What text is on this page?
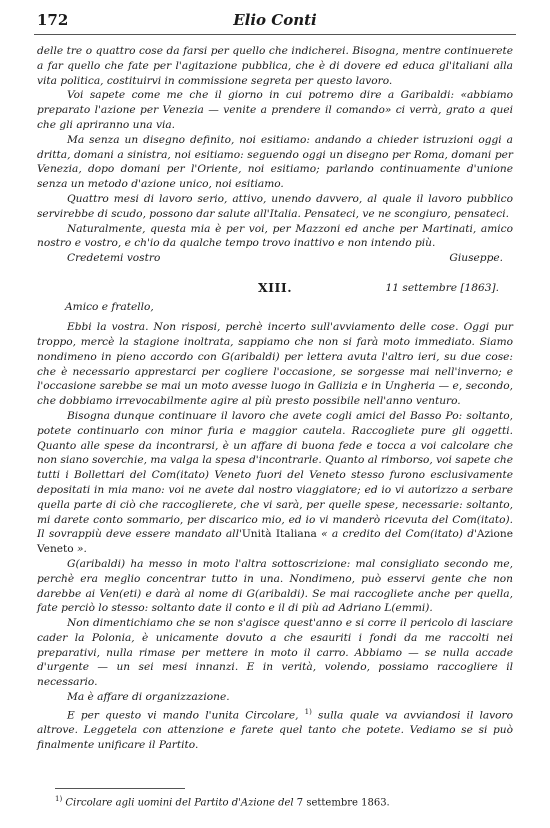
172	Elio Conti

delle tre o quattro cose da farsi per quello che indicherei. Bisogna, mentre continuerete a far quello che fate per l'agitazione pubblica, che è di dovere ed educa gl'italiani alla vita politica, costituirvi in commissione segreta per questo lavoro.

Voi sapete come me che il giorno in cui potremo dire a Garibaldi: «abbiamo preparato l'azione per Venezia — venite a prendere il comando» ci verrà, grato a quei che gli apriranno una via.

Ma senza un disegno definito, noi esitiamo: andando a chieder istruzioni oggi a dritta, domani a sinistra, noi esitiamo: seguendo oggi un disegno per Roma, domani per Venezia, dopo domani per l'Oriente, noi esitiamo; parlando continuamente d'unione senza un metodo d'azione unico, noi esitiamo.

Quattro mesi di lavoro serio, attivo, unendo davvero, al quale il lavoro pubblico servirebbe di scudo, possono dar salute all'Italia. Pensateci, ve ne scongiuro, pensateci.

Naturalmente, questa mia è per voi, per Mazzoni ed anche per Martinati, amico nostro e vostro, e ch'io da qualche tempo trovo inattivo e non intendo più.

Credetemi vostro	Giuseppe.
XIII.	11 settembre [1863].
Amico e fratello,

Ebbi la vostra. Non risposi, perchè incerto sull'avviamento delle cose. Oggi pur troppo, mercè la stagione inoltrata, sappiamo che non si farà moto immediato. Siamo nondimeno in pieno accordo con G(aribaldi) per lettera avuta l'altro ieri, su due cose: che è necessario apprestarci per cogliere l'occasione, se sorgesse mai nell'inverno; e l'occasione sarebbe se mai un moto avesse luogo in Gallizia e in Ungheria — e, secondo, che dobbiamo irrevocabilmente agire al più presto possibile nell'anno venturo.

Bisogna dunque continuare il lavoro che avete cogli amici del Basso Po: soltanto, potete continuarlo con minor furia e maggior cautela. Raccogliete pure gli oggetti. Quanto alle spese da incontrarsi, è un affare di buona fede e tocca a voi calcolare che non siano soverchie, ma valga la spesa d'incontrarle. Quanto al rimborso, voi sapete che tutti i Bollettari del Com(itato) Veneto fuori del Veneto stesso furono esclusivamente depositati in mia mano: voi ne avete dal nostro viaggiatore; ed io vi autorizzo a serbare quella parte di ciò che raccoglierete, che vi sarà, per quelle spese, necessarie: soltanto, mi darete conto sommario, per discarico mio, ed io vi manderò ricevuta del Com(itato). Il sovrappiù deve essere mandato all'Unità Italiana « a credito del Com(itato) d'Azione Veneto ».

G(aribaldi) ha messo in moto l'altra sottoscrizione: mal consigliato secondo me, perchè era meglio concentrar tutto in una. Nondimeno, può esservi gente che non darebbe ai Ven(eti) e darà al nome di G(aribaldi). Se mai raccogliete anche per quella, fate perciò lo stesso: soltanto date il conto e il di più ad Adriano L(emmi).

Non dimentichiamo che se non s'agisce quest'anno e si corre il pericolo di lasciare cader la Polonia, è unicamente dovuto a che esauriti i fondi da me raccolti nei preparativi, nulla rimase per mettere in moto il carro. Abbiamo — se nulla accade d'urgente — un sei mesi innanzi. E in verità, volendo, possiamo raccogliere il necessario.

Ma è affare di organizzazione.

E per questo vi mando l'unita Circolare, $^{1)}$ sulla quale va avviandosi il lavoro altrove. Leggetela con attenzione e farete quel tanto che potete. Vediamo se si può finalmente unificare il Partito.

$^{1)}$ Circolare agli uomini del Partito d'Azione del 7 settembre 1863.
